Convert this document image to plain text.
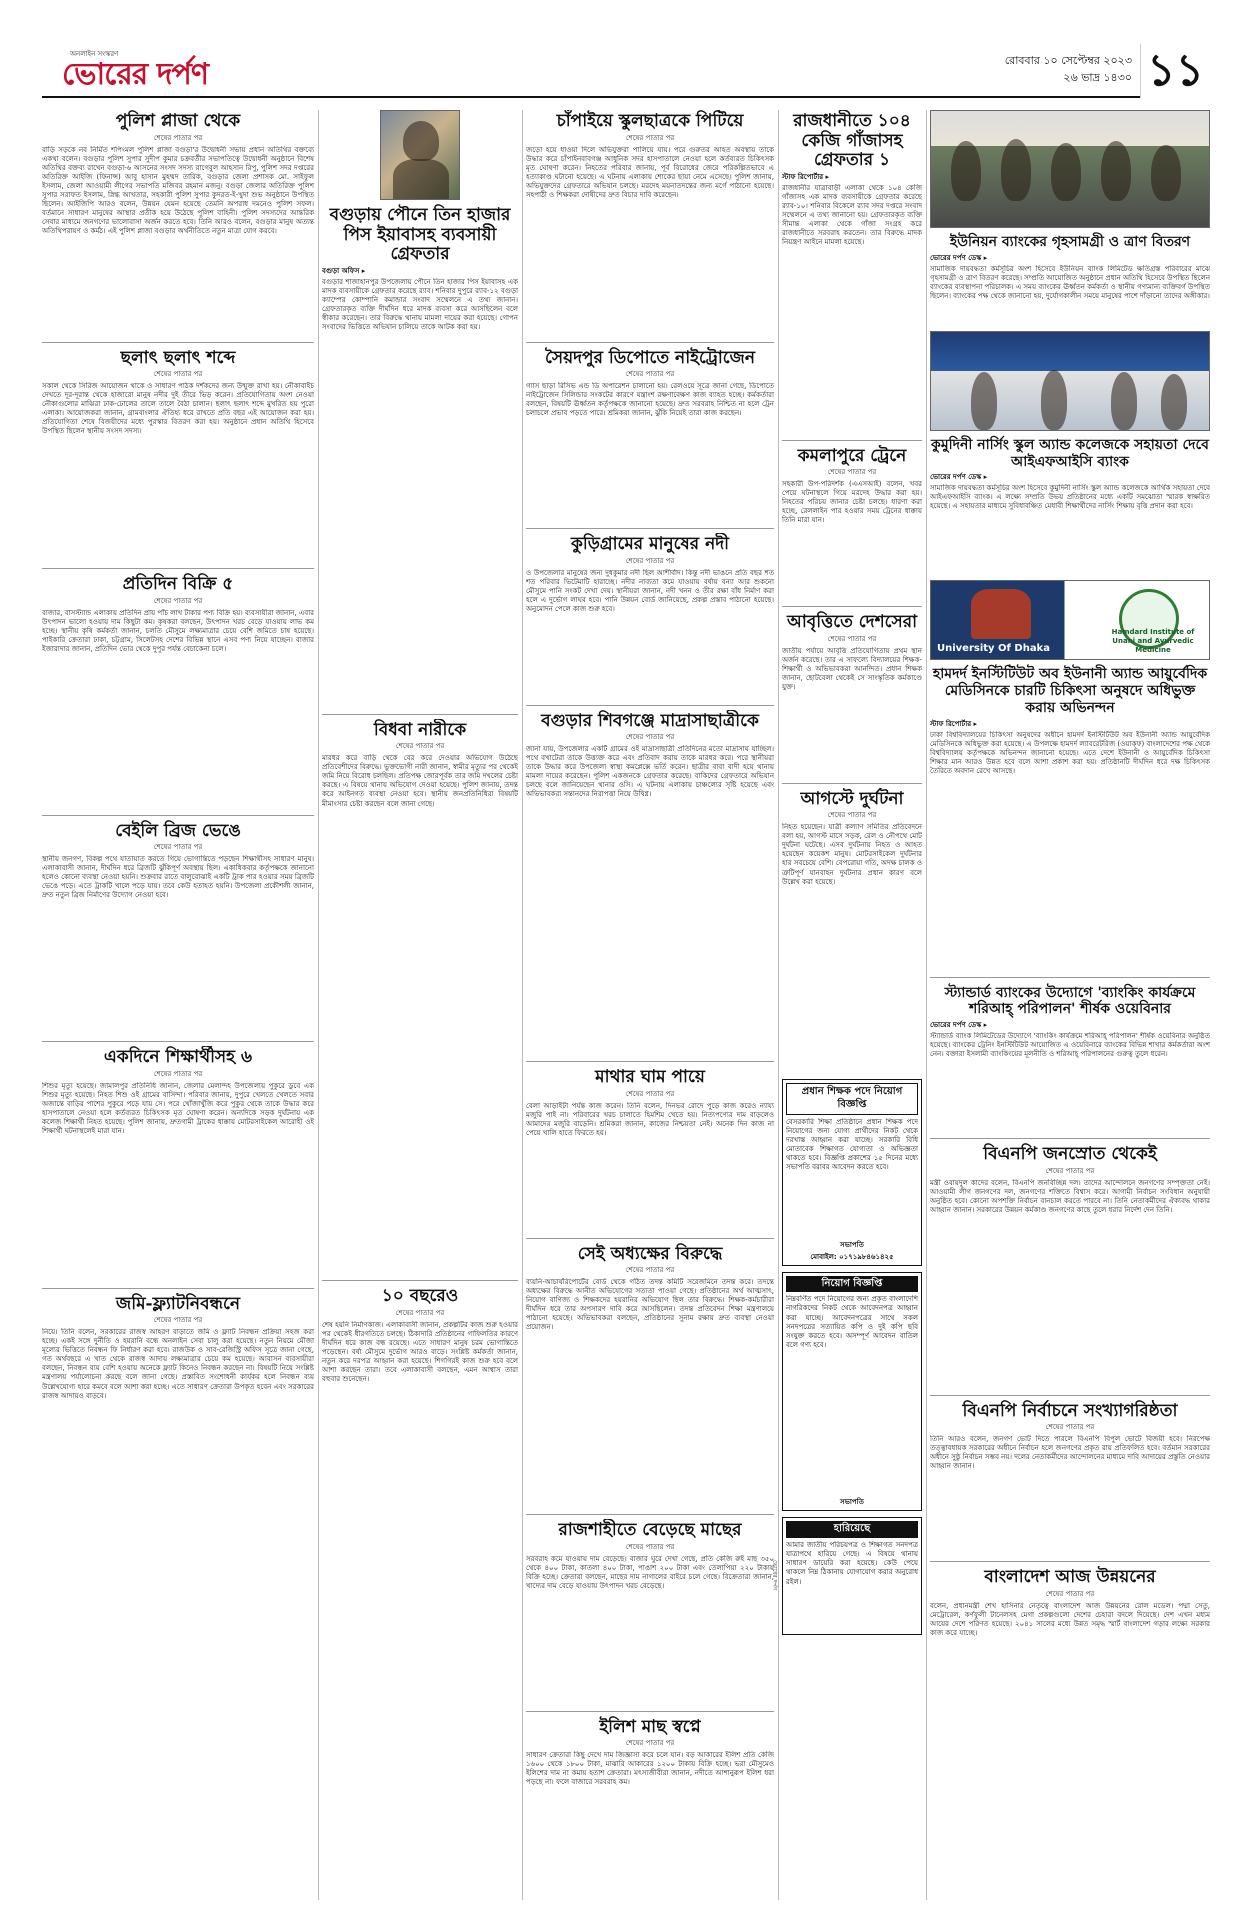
অনলাইন সংস্করণ
ভোরের দর্পণ	রোববার ১০ সেপ্টেম্বর ২০২৩
২৬ ভাদ্র ১৪৩০ ১১
পুলিশ প্লাজা থেকে
শেষের পাতার পর
বাড়ি সড়কে নব নির্মিত শপিংমল পুলিশ প্লাজা বগুড়া'র উদ্বোধনী সভায় প্রধান অতিথির বক্তব্যে একথা বলেন। বগুড়ার পুলিশ সুপার সুদীপ কুমার চক্রবর্তীর সভাপতিত্বে উদ্বোধনী অনুষ্ঠানে বিশেষ অতিথির বক্তব্য রাখেন বগুড়া-৬ আসনের সংসদ সদস্য রাগেবুল আহসান রিপু, পুলিশ সদর দপ্তরের অতিরিক্ত আইজি (ফিনান্স) আবু হাসান মুহম্মদ তারিক, বগুড়ার জেলা প্রশাসক মো. সাইফুল ইসলাম, জেলা আওয়ামী লীগের সভাপতি মজিবর রহমান মজনু। বগুড়া জেলার অতিরিক্ত পুলিশ সুপার সরাফত ইসলাম, স্নিগ্ধ আখতার, সহকারী পুলিশ সুপার কুদরত-ই-খুদা শুভ অনুষ্ঠানে উপস্থিত ছিলেন। আইজিপি আরও বলেন, উন্নয়ন যেমন হয়েছে তেমনি অপরাধ দমনেও পুলিশ সফল। বর্তমানে সাধারণ মানুষের আস্থার প্রতীক হয়ে উঠেছে পুলিশ বাহিনী। পুলিশ সদস্যদের আন্তরিক সেবার মাধ্যমে জনগণের ভালোবাসা অর্জন করতে হবে। তিনি আরও বলেন, বগুড়ার মানুষ অত্যন্ত অতিথিপরায়ণ ও কর্মঠ। এই পুলিশ প্লাজা বগুড়ার অর্থনীতিতে নতুন মাত্রা যোগ করবে।
ছলাৎ ছলাৎ শব্দে
শেষের পাতার পর
সকাল থেকে সিরিজ আয়োজন থাকে ও সাধারণ পাঠক দর্শকদের জন্য উন্মুক্ত রাখা হয়। নৌকাবাইচ দেখতে দূর-দূরান্ত থেকে হাজারো মানুষ নদীর দুই তীরে ভিড় করেন। প্রতিযোগিতায় অংশ নেওয়া নৌকাগুলোর মাঝিরা ঢাক-ঢোলের তালে তালে বৈঠা চালান। ছলাৎ ছলাৎ শব্দে মুখরিত হয় পুরো এলাকা। আয়োজকরা জানান, গ্রামবাংলার ঐতিহ্য ধরে রাখতে প্রতি বছর এই আয়োজন করা হয়। প্রতিযোগিতা শেষে বিজয়ীদের মধ্যে পুরস্কার বিতরণ করা হয়। অনুষ্ঠানে প্রধান অতিথি হিসেবে উপস্থিত ছিলেন স্থানীয় সংসদ সদস্য।
প্রতিদিন বিক্রি ৫
শেষের পাতার পর
বাজার, বাসস্ট্যান্ড এলাকায় প্রতিদিন প্রায় পাঁচ লাখ টাকার পণ্য বিক্রি হয়। ব্যবসায়ীরা জানান, এবার উৎপাদন ভালো হওয়ায় দাম কিছুটা কম। কৃষকরা বলছেন, উৎপাদন খরচ বেড়ে যাওয়ায় লাভ কম হচ্ছে। স্থানীয় কৃষি কর্মকর্তা জানান, চলতি মৌসুমে লক্ষ্যমাত্রার চেয়ে বেশি জমিতে চাষ হয়েছে। পাইকারি ক্রেতারা ঢাকা, চট্টগ্রাম, সিলেটসহ দেশের বিভিন্ন স্থানে এসব পণ্য নিয়ে যাচ্ছেন। বাজার ইজারাদার জানান, প্রতিদিন ভোর থেকে দুপুর পর্যন্ত বেচাকেনা চলে।
বেইলি ব্রিজ ভেঙে
শেষের পাতার পর
স্থানীয় জনগণ, বিকল্প পথে যাতায়াত করতে গিয়ে ভোগান্তিতে পড়ছেন শিক্ষার্থীসহ সাধারণ মানুষ। এলাকাবাসী জানান, দীর্ঘদিন ধরে ব্রিজটি ঝুঁকিপূর্ণ অবস্থায় ছিল। একাধিকবার কর্তৃপক্ষকে জানানো হলেও কোনো ব্যবস্থা নেওয়া হয়নি। শুক্রবার রাতে বালুবোঝাই একটি ট্রাক পার হওয়ার সময় ব্রিজটি ভেঙে পড়ে। এতে ট্রাকটি খালে পড়ে যায়। তবে কেউ হতাহত হয়নি। উপজেলা প্রকৌশলী জানান, দ্রুত নতুন ব্রিজ নির্মাণের উদ্যোগ নেওয়া হবে।
একদিনে শিক্ষার্থীসহ ৬
শেষের পাতার পর
শিশুর মৃত্যু হয়েছে। জামালপুর প্রতিনিধি জানান, জেলার মেলান্দহ উপজেলায় পুকুরে ডুবে এক শিশুর মৃত্যু হয়েছে। নিহত শিশু ওই গ্রামের বাসিন্দা। পরিবার জানায়, দুপুরে খেলতে খেলতে সবার অজান্তে বাড়ির পাশের পুকুরে পড়ে যায় সে। পরে খোঁজাখুঁজি করে পুকুর থেকে তাকে উদ্ধার করে হাসপাতালে নেওয়া হলে কর্তব্যরত চিকিৎসক মৃত ঘোষণা করেন। অন্যদিকে সড়ক দুর্ঘটনায় এক কলেজ শিক্ষার্থী নিহত হয়েছে। পুলিশ জানায়, দ্রুতগামী ট্রাকের ধাক্কায় মোটরসাইকেল আরোহী ওই শিক্ষার্থী ঘটনাস্থলেই মারা যান।
জমি-ফ্ল্যাটনিবন্ধনে
শেষের পাতার পর
নিয়ে। তিনি বলেন, সরকারের রাজস্ব আহরণ বাড়াতে জমি ও ফ্ল্যাট নিবন্ধন প্রক্রিয়া সহজ করা হচ্ছে। একই সঙ্গে দুর্নীতি ও হয়রানি বন্ধে অনলাইন সেবা চালু করা হয়েছে। নতুন নিয়মে মৌজা মূল্যের ভিত্তিতে নিবন্ধন ফি নির্ধারণ করা হবে। রাজউক ও সাব-রেজিস্ট্রি অফিস সূত্রে জানা গেছে, গত অর্থবছরে এ খাত থেকে রাজস্ব আদায় লক্ষ্যমাত্রার চেয়ে কম হয়েছে। আবাসন ব্যবসায়ীরা বলছেন, নিবন্ধন ব্যয় বেশি হওয়ায় অনেকে ফ্ল্যাট কিনেও নিবন্ধন করছেন না। বিষয়টি নিয়ে সংশ্লিষ্ট মন্ত্রণালয় পর্যালোচনা করছে বলে জানা গেছে। প্রস্তাবিত সংশোধনী কার্যকর হলে নিবন্ধন ব্যয় উল্লেখযোগ্য হারে কমবে বলে আশা করা হচ্ছে। এতে সাধারণ ক্রেতারা উপকৃত হবেন এবং সরকারের রাজস্ব আদায়ও বাড়বে।
বগুড়ায় পৌনে তিন হাজার পিস ইয়াবাসহ ব্যবসায়ী গ্রেফতার
বগুড়া অফিস ▸
বগুড়ার শাজাহানপুর উপজেলায় পৌনে তিন হাজার পিস ইয়াবাসহ এক মাদক ব্যবসায়ীকে গ্রেফতার করেছে র‍্যাব। শনিবার দুপুরে র‍্যাব-১২ বগুড়া ক্যাম্পের কোম্পানি কমান্ডার সংবাদ সম্মেলনে এ তথ্য জানান। গ্রেফতারকৃত ব্যক্তি দীর্ঘদিন ধরে মাদক ব্যবসা করে আসছিলেন বলে স্বীকার করেছেন। তার বিরুদ্ধে থানায় মামলা দায়ের করা হয়েছে। গোপন সংবাদের ভিত্তিতে অভিযান চালিয়ে তাকে আটক করা হয়।
বিধবা নারীকে
শেষের পাতার পর
মারধর করে বাড়ি থেকে বের করে দেওয়ার অভিযোগ উঠেছে প্রতিবেশীদের বিরুদ্ধে। ভুক্তভোগী নারী জানান, স্বামীর মৃত্যুর পর থেকেই জমি নিয়ে বিরোধ চলছিল। প্রতিপক্ষ জোরপূর্বক তার জমি দখলের চেষ্টা করছে। এ বিষয়ে থানায় অভিযোগ দেওয়া হয়েছে। পুলিশ জানায়, তদন্ত করে আইনগত ব্যবস্থা নেওয়া হবে। স্থানীয় জনপ্রতিনিধিরা বিষয়টি মীমাংসার চেষ্টা করছেন বলে জানা গেছে।
১০ বছরেও
শেষের পাতার পর
শেষ হয়নি নির্মাণকাজ। এলাকাবাসী জানান, প্রকল্পটির কাজ শুরু হওয়ার পর থেকেই ধীরগতিতে চলছে। ঠিকাদারি প্রতিষ্ঠানের গাফিলতির কারণে দীর্ঘদিন ধরে কাজ বন্ধ রয়েছে। এতে সাধারণ মানুষ চরম ভোগান্তিতে পড়েছেন। বর্ষা মৌসুমে দুর্ভোগ আরও বাড়ে। সংশ্লিষ্ট কর্মকর্তা জানান, নতুন করে দরপত্র আহ্বান করা হয়েছে। শিগগিরই কাজ শুরু হবে বলে আশা করছেন তারা। তবে এলাকাবাসী বলছেন, এমন আশ্বাস তারা বহুবার শুনেছেন।
চাঁপাইয়ে স্কুলছাত্রকে পিটিয়ে
শেষের পাতার পর
জড়ো হয়ে ধাওয়া দিলে অভিযুক্তরা পালিয়ে যায়। পরে গুরুতর আহত অবস্থায় তাকে উদ্ধার করে চাঁপাইনবাবগঞ্জ আধুনিক সদর হাসপাতালে নেওয়া হলে কর্তব্যরত চিকিৎসক মৃত ঘোষণা করেন। নিহতের পরিবার জানায়, পূর্ব বিরোধের জেরে পরিকল্পিতভাবে এ হত্যাকাণ্ড ঘটানো হয়েছে। এ ঘটনায় এলাকায় শোকের ছায়া নেমে এসেছে। পুলিশ জানায়, অভিযুক্তদের গ্রেফতারে অভিযান চলছে। মরদেহ ময়নাতদন্তের জন্য মর্গে পাঠানো হয়েছে। সহপাঠী ও শিক্ষকরা দোষীদের দ্রুত বিচার দাবি করেছেন।
সৈয়দপুর ডিপোতে নাইট্রোজেন
শেষের পাতার পর
গ্যাস ছাড়া রিসিভ এন্ড ডি অপারেশন চালানো হয়। রেলওয়ে সূত্রে জানা গেছে, ডিপোতে নাইট্রোজেন সিলিন্ডার সংকটের কারণে যন্ত্রাংশ রক্ষণাবেক্ষণ কাজ ব্যাহত হচ্ছে। কর্মকর্তারা বলছেন, বিষয়টি ঊর্ধ্বতন কর্তৃপক্ষকে জানানো হয়েছে। দ্রুত সরবরাহ নিশ্চিত না হলে ট্রেন চলাচলে প্রভাব পড়তে পারে। শ্রমিকরা জানান, ঝুঁকি নিয়েই তারা কাজ করছেন।
কুড়িগ্রামের মানুষের নদী
শেষের পাতার পর
ও উপজেলার মানুষের জন্য দুধকুমার নদী ছিল আশীর্বাদ। কিন্তু নদী ভাঙনে প্রতি বছর শত শত পরিবার ভিটেমাটি হারাচ্ছে। নদীর নাব্যতা কমে যাওয়ায় বর্ষায় বন্যা আর শুকনো মৌসুমে পানি সংকট দেখা দেয়। স্থানীয়রা জানান, নদী খনন ও তীর রক্ষা বাঁধ নির্মাণ করা হলে এ দুর্ভোগ লাঘব হবে। পানি উন্নয়ন বোর্ড জানিয়েছে, প্রকল্প প্রস্তাব পাঠানো হয়েছে। অনুমোদন পেলে কাজ শুরু হবে।
বগুড়ার শিবগঞ্জে মাদ্রাসাছাত্রীকে
শেষের পাতার পর
জানা যায়, উপজেলার একটি গ্রামের ওই মাদ্রাসাছাত্রী প্রতিদিনের মতো মাদ্রাসায় যাচ্ছিল। পথে বখাটেরা তাকে উত্ত্যক্ত করে এবং প্রতিবাদ করায় তাকে মারধর করে। পরে স্থানীয়রা তাকে উদ্ধার করে উপজেলা স্বাস্থ্য কমপ্লেক্সে ভর্তি করেন। ছাত্রীর বাবা বাদী হয়ে থানায় মামলা দায়ের করেছেন। পুলিশ একজনকে গ্রেফতার করেছে। বাকিদের গ্রেফতারে অভিযান চলছে বলে জানিয়েছেন থানার ওসি। এ ঘটনায় এলাকায় চাঞ্চল্যের সৃষ্টি হয়েছে এবং অভিভাবকরা সন্তানদের নিরাপত্তা নিয়ে উদ্বিগ্ন।
মাথার ঘাম পায়ে
শেষের পাতার পর
বেলা আড়াইটা পর্যন্ত কাজ করেন। তিনি বলেন, দিনভর রোদে পুড়ে কাজ করেও ন্যায্য মজুরি পাই না। পরিবারের খরচ চালাতে হিমশিম খেতে হয়। নিত্যপণ্যের দাম বাড়লেও আমাদের মজুরি বাড়েনি। শ্রমিকরা জানান, কাজের নিশ্চয়তা নেই। অনেক দিন কাজ না পেয়ে খালি হাতে ফিরতে হয়।
সেই অধ্যক্ষের বিরুদ্ধে
শেষের পাতার পর
ব্যয়নি-আচার্যরিপোর্টের বোর্ড থেকে গঠিত তদন্ত কমিটি সরেজমিনে তদন্ত করে। তদন্তে অধ্যক্ষের বিরুদ্ধে আনীত অভিযোগের সত্যতা পাওয়া গেছে। প্রতিষ্ঠানের অর্থ আত্মসাৎ, নিয়োগ বাণিজ্য ও শিক্ষকদের হয়রানির অভিযোগ ছিল তার বিরুদ্ধে। শিক্ষক-কর্মচারীরা দীর্ঘদিন ধরে তার অপসারণ দাবি করে আসছিলেন। তদন্ত প্রতিবেদন শিক্ষা মন্ত্রণালয়ে পাঠানো হয়েছে। অভিভাবকরা বলছেন, প্রতিষ্ঠানের সুনাম রক্ষায় দ্রুত ব্যবস্থা নেওয়া প্রয়োজন।
রাজশাহীতে বেড়েছে মাছের
শেষের পাতার পর
সরবরাহ কমে যাওয়ায় দাম বেড়েছে। বাজার ঘুরে দেখা গেছে, প্রতি কেজি রুই মাছ ৩৫০ থেকে ৪০০ টাকা, কাতলা ৪০০ টাকা, পাঙাশ ২০০ টাকা এবং তেলাপিয়া ২২০ টাকায় বিক্রি হচ্ছে। ক্রেতারা বলছেন, মাছের দাম নাগালের বাইরে চলে গেছে। বিক্রেতারা জানান, খাদ্যের দাম বেড়ে যাওয়ায় উৎপাদন খরচ বেড়েছে।
ইলিশ মাছ স্বপ্নে
শেষের পাতার পর
সাধারণ ক্রেতারা কিছু দেখে দাম জিজ্ঞাসা করে চলে যান। বড় আকারের ইলিশ প্রতি কেজি ১৬০০ থেকে ১৮০০ টাকা, মাঝারি আকারের ১২০০ টাকায় বিক্রি হচ্ছে। ভরা মৌসুমেও ইলিশের দাম না কমায় হতাশ ক্রেতারা। মৎস্যজীবীরা জানান, নদীতে আশানুরূপ ইলিশ ধরা পড়ছে না। ফলে বাজারে সরবরাহ কম।
রাজধানীতে ১০৪ কেজি গাঁজাসহ গ্রেফতার ১
স্টাফ রিপোর্টার ▸
রাজধানীর যাত্রাবাড়ী এলাকা থেকে ১০৪ কেজি গাঁজাসহ এক মাদক ব্যবসায়ীকে গ্রেফতার করেছে র‍্যাব-১০। শনিবার বিকেলে র‍্যাব সদর দপ্তরে সংবাদ সম্মেলনে এ তথ্য জানানো হয়। গ্রেফতারকৃত ব্যক্তি সীমান্ত এলাকা থেকে গাঁজা সংগ্রহ করে রাজধানীতে সরবরাহ করতেন। তার বিরুদ্ধে মাদক নিয়ন্ত্রণ আইনে মামলা হয়েছে।
কমলাপুরে ট্রেনে
শেষের পাতার পর
সহকারী উপ-পরিদর্শক (এএসআই) বলেন, খবর পেয়ে ঘটনাস্থলে গিয়ে মরদেহ উদ্ধার করা হয়। নিহতের পরিচয় জানার চেষ্টা চলছে। ধারণা করা হচ্ছে, রেললাইন পার হওয়ার সময় ট্রেনের ধাক্কায় তিনি মারা যান।
আবৃত্তিতে দেশসেরা
শেষের পাতার পর
জাতীয় পর্যায়ে আবৃত্তি প্রতিযোগিতায় প্রথম স্থান অর্জন করেছে। তার এ সাফল্যে বিদ্যালয়ের শিক্ষক-শিক্ষার্থী ও অভিভাবকরা আনন্দিত। প্রধান শিক্ষক জানান, ছোটবেলা থেকেই সে সাংস্কৃতিক কর্মকাণ্ডে যুক্ত।
আগস্টে দুর্ঘটনা
শেষের পাতার পর
নিহত হয়েছেন। যাত্রী কল্যাণ সমিতির প্রতিবেদনে বলা হয়, আগস্ট মাসে সড়ক, রেল ও নৌপথে মোট দুর্ঘটনা ঘটেছে। এসব দুর্ঘটনায় নিহত ও আহত হয়েছেন কয়েকশ মানুষ। মোটরসাইকেল দুর্ঘটনার হার সবচেয়ে বেশি। বেপরোয়া গতি, অদক্ষ চালক ও ত্রুটিপূর্ণ যানবাহন দুর্ঘটনার প্রধান কারণ বলে উল্লেখ করা হয়েছে।
প্রধান শিক্ষক পদে নিয়োগ বিজ্ঞপ্তি
বেসরকারি শিক্ষা প্রতিষ্ঠানে প্রধান শিক্ষক পদে নিয়োগের জন্য যোগ্য প্রার্থীদের নিকট থেকে দরখাস্ত আহ্বান করা যাচ্ছে। সরকারি বিধি মোতাবেক শিক্ষাগত যোগ্যতা ও অভিজ্ঞতা থাকতে হবে। বিজ্ঞপ্তি প্রকাশের ১৫ দিনের মধ্যে সভাপতি বরাবর আবেদন করতে হবে।
সভাপতি
মোবাইল: ০১৭১৯৮৪৬১৪২৫
নিয়োগ বিজ্ঞপ্তি
নিম্নবর্ণিত পদে নিয়োগের জন্য প্রকৃত বাংলাদেশি নাগরিকদের নিকট থেকে আবেদনপত্র আহ্বান করা যাচ্ছে। আবেদনপত্রের সাথে সকল সনদপত্রের সত্যায়িত কপি ও দুই কপি ছবি সংযুক্ত করতে হবে। অসম্পূর্ণ আবেদন বাতিল বলে গণ্য হবে।
সভাপতি
হারিয়েছে
আমার জাতীয় পরিচয়পত্র ও শিক্ষাগত সনদপত্র যাত্রাপথে হারিয়ে গেছে। এ বিষয়ে থানায় সাধারণ ডায়েরি করা হয়েছে। কেউ পেয়ে থাকলে নিম্ন ঠিকানায় যোগাযোগ করার অনুরোধ রইল।
ভোরের দর্পণ
ইউনিয়ন ব্যাংকের গৃহসামগ্রী ও ত্রাণ বিতরণ
ভোরের দর্পণ ডেস্ক ▸
সামাজিক দায়বদ্ধতা কর্মসূচির অংশ হিসেবে ইউনিয়ন ব্যাংক লিমিটেড ক্ষতিগ্রস্ত পরিবারের মাঝে গৃহসামগ্রী ও ত্রাণ বিতরণ করেছে। সম্প্রতি আয়োজিত অনুষ্ঠানে প্রধান অতিথি হিসেবে উপস্থিত ছিলেন ব্যাংকের ব্যবস্থাপনা পরিচালক। এ সময় ব্যাংকের ঊর্ধ্বতন কর্মকর্তা ও স্থানীয় গণ্যমান্য ব্যক্তিবর্গ উপস্থিত ছিলেন। ব্যাংকের পক্ষ থেকে জানানো হয়, দুর্যোগকালীন সময়ে মানুষের পাশে দাঁড়ানো তাদের অঙ্গীকার।
কুমুদিনী নার্সিং স্কুল অ্যান্ড কলেজকে সহায়তা দেবে আইএফআইসি ব্যাংক
ভোরের দর্পণ ডেস্ক ▸
সামাজিক দায়বদ্ধতা কর্মসূচির অংশ হিসেবে কুমুদিনী নার্সিং স্কুল অ্যান্ড কলেজকে আর্থিক সহায়তা দেবে আইএফআইসি ব্যাংক। এ লক্ষ্যে সম্প্রতি উভয় প্রতিষ্ঠানের মধ্যে একটি সমঝোতা স্মারক স্বাক্ষরিত হয়েছে। এ সহায়তার মাধ্যমে সুবিধাবঞ্চিত মেধাবী শিক্ষার্থীদের নার্সিং শিক্ষায় বৃত্তি প্রদান করা হবে।
University Of Dhaka
Hamdard Institute of Unani and Ayurvedic Medicine
হামদর্দ ইনস্টিটিউট অব ইউনানী অ্যান্ড আয়ুর্বেদিক মেডিসিনকে চারটি চিকিৎসা অনুষদে অধিভুক্ত করায় অভিনন্দন
স্টাফ রিপোর্টার ▸
ঢাকা বিশ্ববিদ্যালয়ের চিকিৎসা অনুষদের অধীনে হামদর্দ ইনস্টিটিউট অব ইউনানী অ্যান্ড আয়ুর্বেদিক মেডিসিনকে অধিভুক্ত করা হয়েছে। এ উপলক্ষে হামদর্দ ল্যাবরেটরিজ (ওয়াক্ফ) বাংলাদেশের পক্ষ থেকে বিশ্ববিদ্যালয় কর্তৃপক্ষকে অভিনন্দন জানানো হয়েছে। এতে দেশে ইউনানী ও আয়ুর্বেদিক চিকিৎসা শিক্ষার মান আরও উন্নত হবে বলে আশা প্রকাশ করা হয়। প্রতিষ্ঠানটি দীর্ঘদিন ধরে দক্ষ চিকিৎসক তৈরিতে অবদান রেখে আসছে।
স্ট্যান্ডার্ড ব্যাংকের উদ্যোগে 'ব্যাংকিং কার্যক্রমে শরিআহ্ পরিপালন' শীর্ষক ওয়েবিনার
ভোরের দর্পণ ডেস্ক ▸
স্ট্যান্ডার্ড ব্যাংক লিমিটেডের উদ্যোগে 'ব্যাংকিং কার্যক্রমে শরিআহ্ পরিপালন' শীর্ষক ওয়েবিনার অনুষ্ঠিত হয়েছে। ব্যাংকের ট্রেনিং ইনস্টিটিউট আয়োজিত এ ওয়েবিনারে ব্যাংকের বিভিন্ন শাখার কর্মকর্তারা অংশ নেন। বক্তারা ইসলামী ব্যাংকিংয়ের মূলনীতি ও শরিআহ্ পরিপালনের গুরুত্ব তুলে ধরেন।
বিএনপি জনস্রোত থেকেই
শেষের পাতার পর
মন্ত্রী ওবায়দুল কাদের বলেন, বিএনপি জনবিচ্ছিন্ন দল। তাদের আন্দোলনে জনগণের সম্পৃক্ততা নেই। আওয়ামী লীগ জনগণের দল, জনগণের শক্তিতে বিশ্বাস করে। আগামী নির্বাচন সংবিধান অনুযায়ী অনুষ্ঠিত হবে। কোনো অপশক্তি নির্বাচন বানচাল করতে পারবে না। তিনি নেতাকর্মীদের ঐক্যবদ্ধ থাকার আহ্বান জানান। সরকারের উন্নয়ন কর্মকাণ্ড জনগণের কাছে তুলে ধরার নির্দেশ দেন তিনি।
বিএনপি নির্বাচনে সংখ্যাগরিষ্ঠতা
শেষের পাতার পর
তিনি আরও বলেন, জনগণ ভোট দিতে পারলে বিএনপি বিপুল ভোটে বিজয়ী হবে। নিরপেক্ষ তত্ত্বাবধায়ক সরকারের অধীনে নির্বাচন হলে জনগণের প্রকৃত রায় প্রতিফলিত হবে। বর্তমান সরকারের অধীনে সুষ্ঠু নির্বাচন সম্ভব নয়। দলের নেতাকর্মীদের আন্দোলনের মাধ্যমে দাবি আদায়ের প্রস্তুতি নেওয়ার আহ্বান জানান।
বাংলাদেশ আজ উন্নয়নের
শেষের পাতার পর
বলেন, প্রধানমন্ত্রী শেখ হাসিনার নেতৃত্বে বাংলাদেশ আজ উন্নয়নের রোল মডেল। পদ্মা সেতু, মেট্রোরেল, কর্ণফুলী টানেলসহ মেগা প্রকল্পগুলো দেশের চেহারা বদলে দিয়েছে। দেশ এখন মধ্যম আয়ের দেশে পরিণত হয়েছে। ২০৪১ সালের মধ্যে উন্নত সমৃদ্ধ স্মার্ট বাংলাদেশ গড়ার লক্ষ্যে সরকার কাজ করে যাচ্ছে।
